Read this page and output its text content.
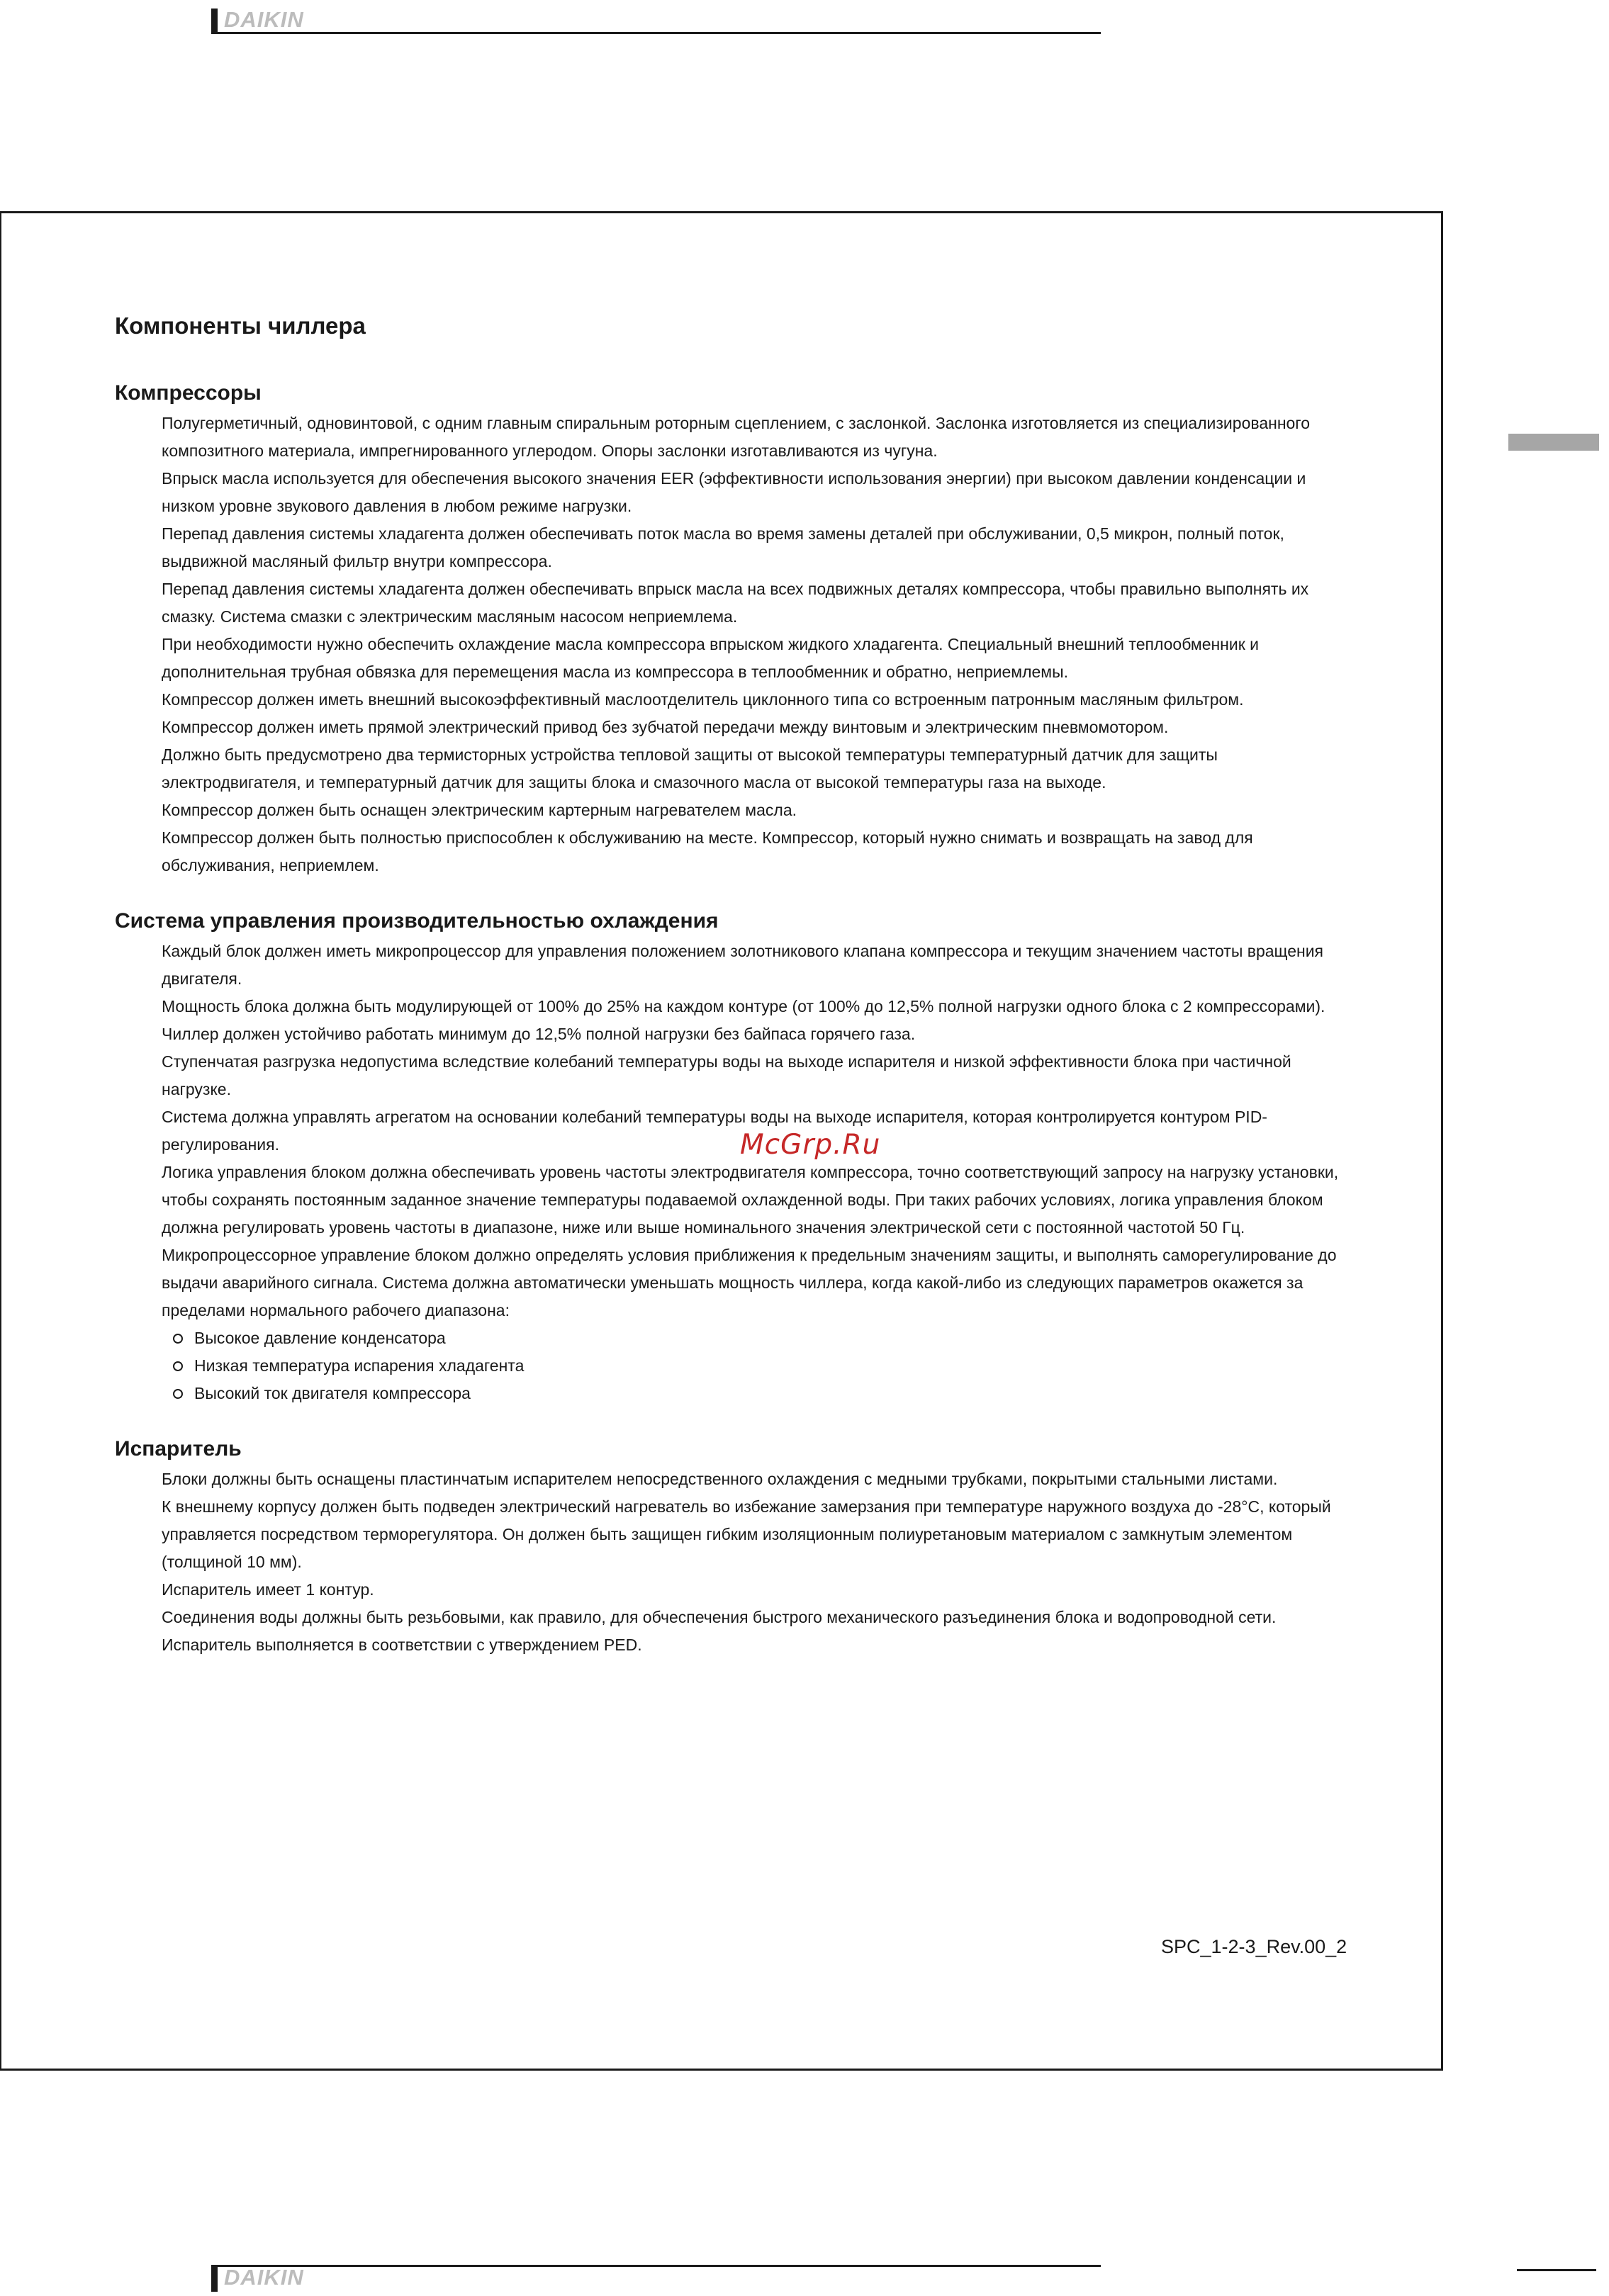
DAIKIN
Компоненты чиллера
Компрессоры

Полугерметичный, одновинтовой, с одним главным спиральным роторным сцеплением, с заслонкой. Заслонка изготовляется из специализированного композитного материала, импрегнированного углеродом. Опоры заслонки изготавливаются из чугуна.

Впрыск масла используется для обеспечения высокого значения EER (эффективности использования энергии) при высоком давлении конденсации и низком уровне звукового давления в любом режиме нагрузки.

Перепад давления системы хладагента должен обеспечивать поток масла во время замены деталей при обслуживании, 0,5 микрон, полный поток, выдвижной масляный фильтр внутри компрессора.

Перепад давления системы хладагента должен обеспечивать впрыск масла на всех подвижных деталях компрессора, чтобы правильно выполнять их смазку. Система смазки с электрическим масляным насосом неприемлема.

При необходимости нужно обеспечить охлаждение масла компрессора впрыском жидкого хладагента. Специальный внешний теплообменник и дополнительная трубная обвязка для перемещения масла из компрессора в теплообменник и обратно, неприемлемы.

Компрессор должен иметь внешний высокоэффективный маслоотделитель циклонного типа со встроенным патронным масляным фильтром.

Компрессор должен иметь прямой электрический привод без зубчатой передачи между винтовым и электрическим пневмомотором.

Должно быть предусмотрено два термисторных устройства тепловой защиты от высокой температуры температурный датчик для защиты электродвигателя, и температурный датчик для защиты блока и смазочного масла от высокой температуры газа на выходе.

Компрессор должен быть оснащен электрическим картерным нагревателем масла.

Компрессор должен быть полностью приспособлен к обслуживанию на месте. Компрессор, который нужно снимать и возвращать на завод для обслуживания, неприемлем.

Система управления производительностью охлаждения

Каждый блок должен иметь микропроцессор для управления положением золотникового клапана компрессора и текущим значением частоты вращения двигателя.

Мощность блока должна быть модулирующей от 100% до 25% на каждом контуре (от 100% до 12,5% полной нагрузки одного блока с 2 компрессорами). Чиллер должен устойчиво работать минимум до 12,5% полной нагрузки без байпаса горячего газа.

Ступенчатая разгрузка недопустима вследствие колебаний температуры воды на выходе испарителя и низкой эффективности блока при частичной нагрузке.

Система должна управлять агрегатом на основании колебаний температуры воды на выходе испарителя, которая контролируется контуром PID-регулирования.

Логика управления блоком должна обеспечивать уровень частоты электродвигателя компрессора, точно соответствующий запросу на нагрузку установки, чтобы сохранять постоянным заданное значение температуры подаваемой охлажденной воды. При таких рабочих условиях, логика управления блоком должна регулировать уровень частоты в диапазоне, ниже или выше номинального значения электрической сети с постоянной частотой 50 Гц.

Микропроцессорное управление блоком должно определять условия приближения к предельным значениям защиты, и выполнять саморегулирование до выдачи аварийного сигнала. Система должна автоматически уменьшать мощность чиллера, когда какой-либо из следующих параметров окажется за пределами нормального рабочего диапазона:

Высокое давление конденсатора
Низкая температура испарения хладагента
Высокий ток двигателя компрессора
Испаритель

Блоки должны быть оснащены пластинчатым испарителем непосредственного охлаждения с медными трубками, покрытыми стальными листами.

К внешнему корпусу должен быть подведен электрический нагреватель во избежание замерзания при температуре наружного воздуха до -28°С, который управляется посредством терморегулятора. Он должен быть защищен гибким изоляционным полиуретановым материалом с замкнутым элементом (толщиной 10 мм).

Испаритель имеет 1 контур.

Соединения воды должны быть резьбовыми, как правило, для обчеспечения быстрого механического разъединения блока и водопроводной сети.

Испаритель выполняется в соответствии с утверждением PED.

McGrp.Ru
SPC_1-2-3_Rev.00_2
DAIKIN
